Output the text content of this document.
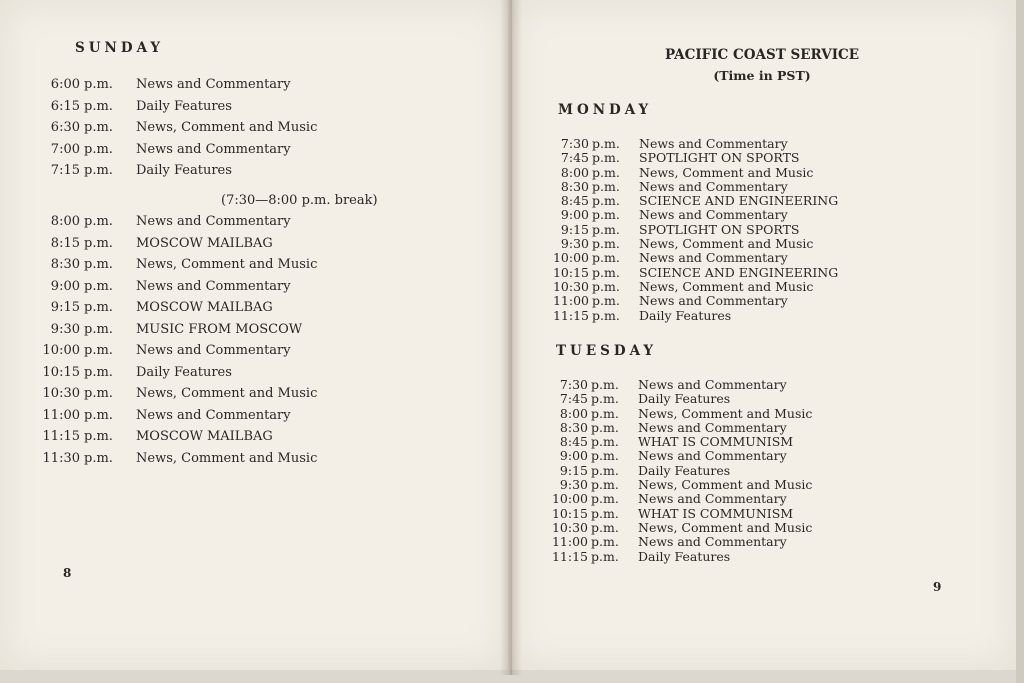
SUNDAY
6:00 p.m. News and Commentary
6:15 p.m. Daily Features
6:30 p.m. News, Comment and Music
7:00 p.m. News and Commentary
7:15 p.m. Daily Features
(7:30—8:00 p.m. break)
8:00 p.m. News and Commentary
8:15 p.m. MOSCOW MAILBAG
8:30 p.m. News, Comment and Music
9:00 p.m. News and Commentary
9:15 p.m. MOSCOW MAILBAG
9:30 p.m. MUSIC FROM MOSCOW
10:00 p.m. News and Commentary
10:15 p.m. Daily Features
10:30 p.m. News, Comment and Music
11:00 p.m. News and Commentary
11:15 p.m. MOSCOW MAILBAG
11:30 p.m. News, Comment and Music
8
PACIFIC COAST SERVICE
(Time in PST)
MONDAY
7:30 p.m. News and Commentary
7:45 p.m. SPOTLIGHT ON SPORTS
8:00 p.m. News, Comment and Music
8:30 p.m. News and Commentary
8:45 p.m. SCIENCE AND ENGINEERING
9:00 p.m. News and Commentary
9:15 p.m. SPOTLIGHT ON SPORTS
9:30 p.m. News, Comment and Music
10:00 p.m. News and Commentary
10:15 p.m. SCIENCE AND ENGINEERING
10:30 p.m. News, Comment and Music
11:00 p.m. News and Commentary
11:15 p.m. Daily Features
TUESDAY
7:30 p.m. News and Commentary
7:45 p.m. Daily Features
8:00 p.m. News, Comment and Music
8:30 p.m. News and Commentary
8:45 p.m. WHAT IS COMMUNISM
9:00 p.m. News and Commentary
9:15 p.m. Daily Features
9:30 p.m. News, Comment and Music
10:00 p.m. News and Commentary
10:15 p.m. WHAT IS COMMUNISM
10:30 p.m. News, Comment and Music
11:00 p.m. News and Commentary
11:15 p.m. Daily Features
9
